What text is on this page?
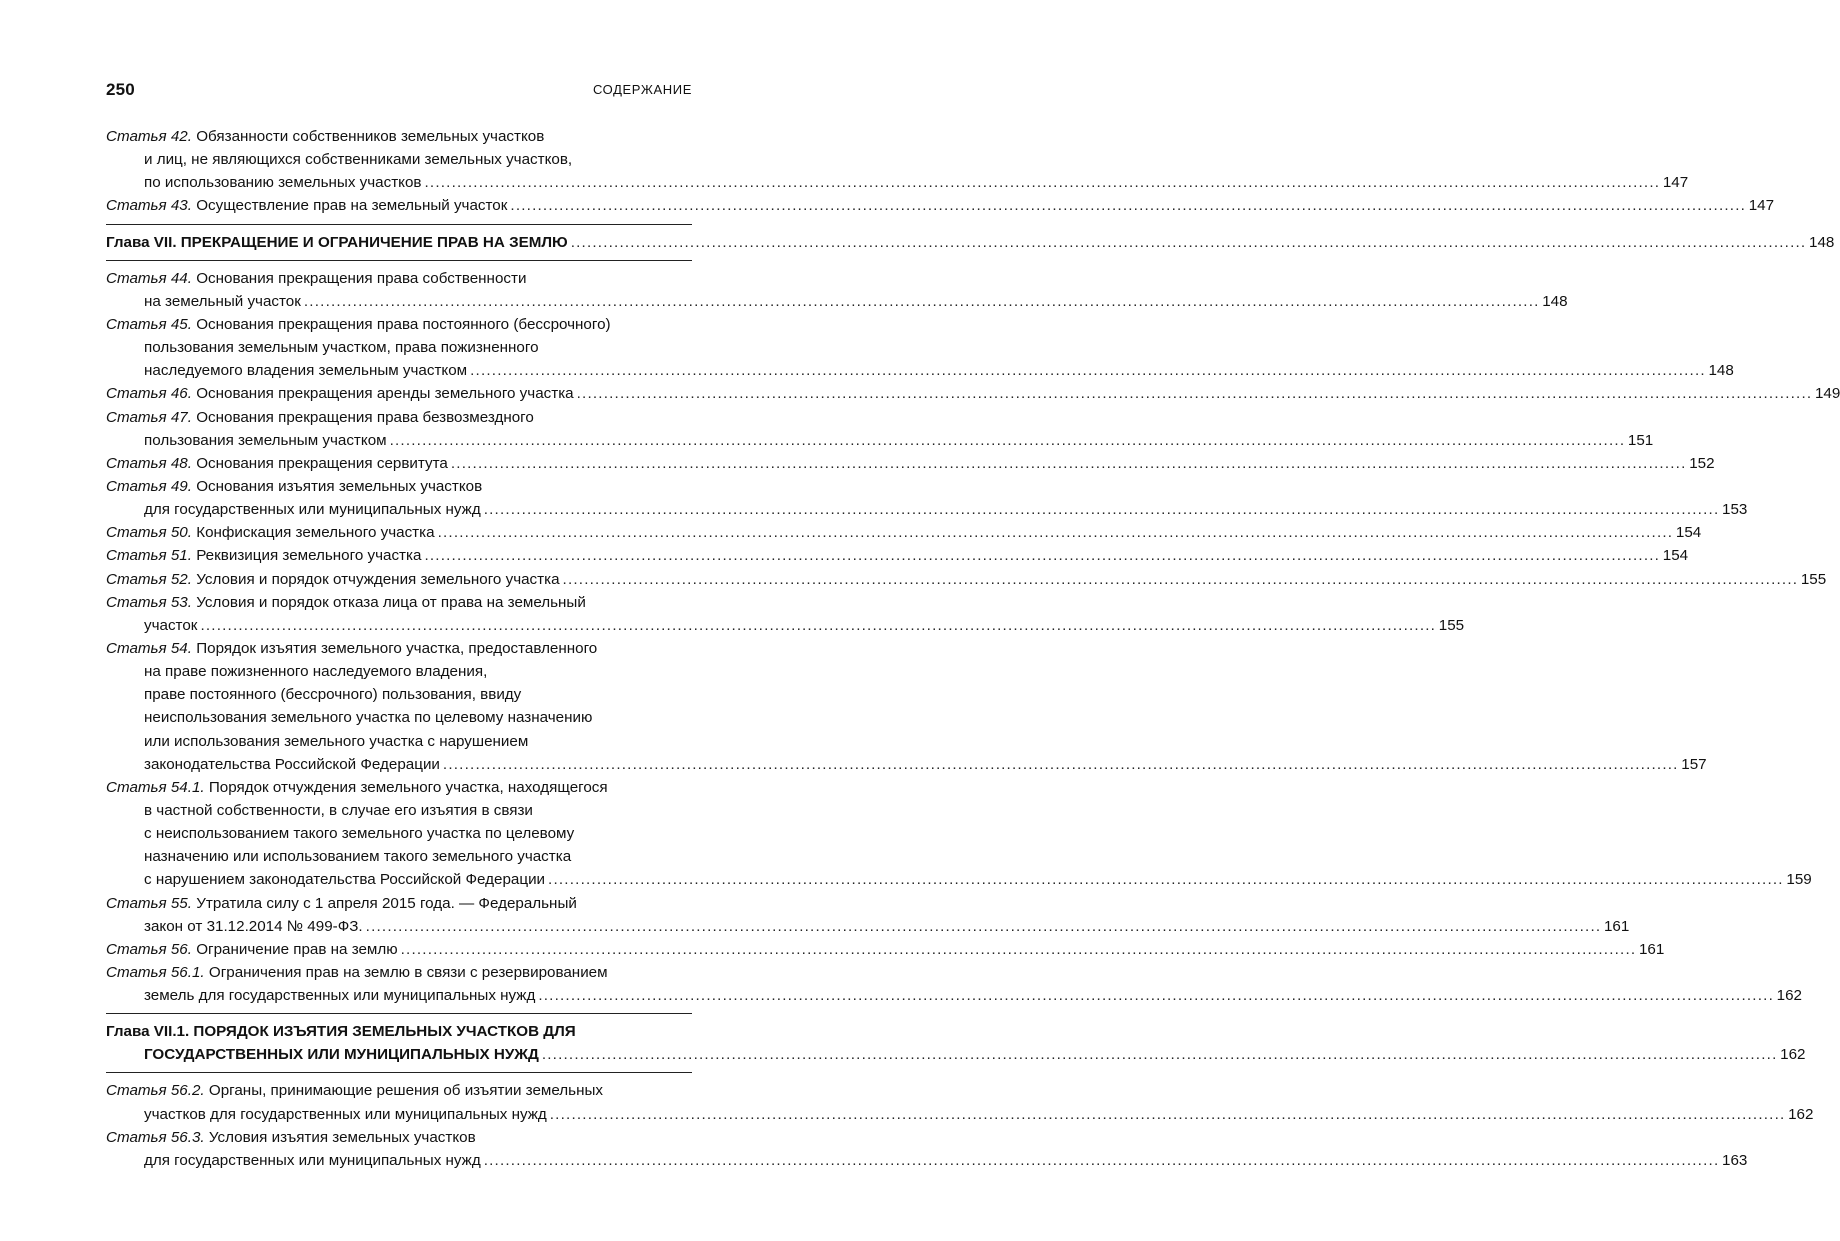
250	СОДЕРЖАНИЕ
Статья 42. Обязанности собственников земельных участков
и лиц, не являющихся собственниками земельных участков,
по использованию земельных участков .....	147
Статья 43. Осуществление прав на земельный участок .....	147
Глава VII. ПРЕКРАЩЕНИЕ И ОГРАНИЧЕНИЕ ПРАВ НА ЗЕМЛЮ .....	148
Статья 44. Основания прекращения права собственности
на земельный участок .....	148
Статья 45. Основания прекращения права постоянного (бессрочного)
пользования земельным участком, права пожизненного
наследуемого владения земельным участком .....	148
Статья 46. Основания прекращения аренды земельного участка .....	149
Статья 47. Основания прекращения права безвозмездного
пользования земельным участком .....	151
Статья 48. Основания прекращения сервитута .....	152
Статья 49. Основания изъятия земельных участков
для государственных или муниципальных нужд .....	153
Статья 50. Конфискация земельного участка .....	154
Статья 51. Реквизиция земельного участка .....	154
Статья 52. Условия и порядок отчуждения земельного участка .....	155
Статья 53. Условия и порядок отказа лица от права на земельный
участок .....	155
Статья 54. Порядок изъятия земельного участка, предоставленного
на праве пожизненного наследуемого владения,
праве постоянного (бессрочного) пользования, ввиду
неиспользования земельного участка по целевому назначению
или использования земельного участка с нарушением
законодательства Российской Федерации .....	157
Статья 54.1. Порядок отчуждения земельного участка, находящегося
в частной собственности, в случае его изъятия в связи
с неиспользованием такого земельного участка по целевому
назначению или использованием такого земельного участка
с нарушением законодательства Российской Федерации .....	159
Статья 55. Утратила силу с 1 апреля 2015 года. — Федеральный
закон от 31.12.2014 № 499-ФЗ. .....	161
Статья 56. Ограничение прав на землю .....	161
Статья 56.1. Ограничения прав на землю в связи с резервированием
земель для государственных или муниципальных нужд .....	162
Глава VII.1. ПОРЯДОК ИЗЪЯТИЯ ЗЕМЕЛЬНЫХ УЧАСТКОВ ДЛЯ
ГОСУДАРСТВЕННЫХ ИЛИ МУНИЦИПАЛЬНЫХ НУЖД .....	162
Статья 56.2. Органы, принимающие решения об изъятии земельных
участков для государственных или муниципальных нужд .....	162
Статья 56.3. Условия изъятия земельных участков
для государственных или муниципальных нужд .....	163
